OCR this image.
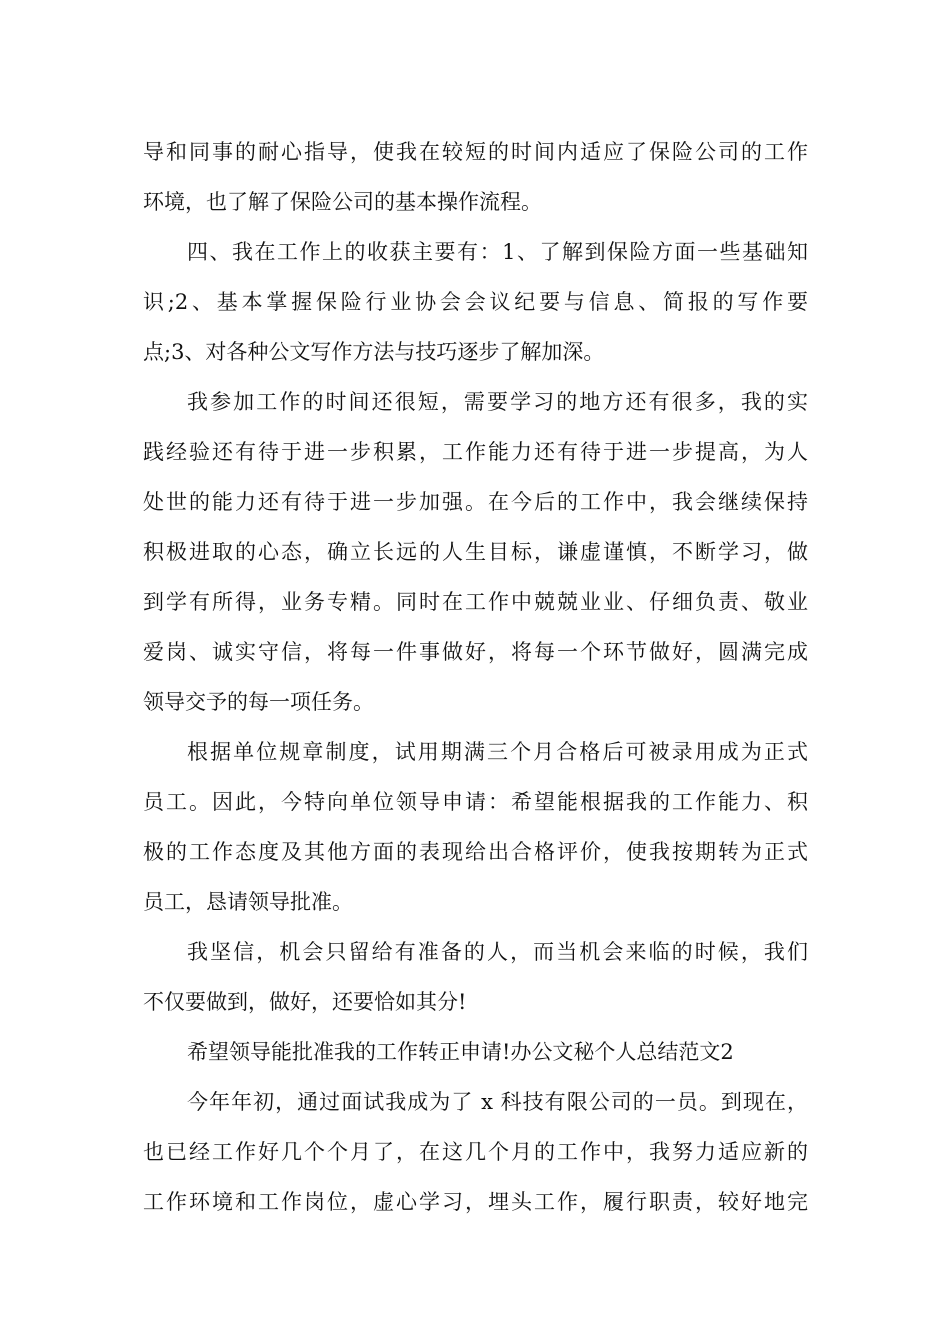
导和同事的耐心指导，使我在较短的时间内适应了保险公司的工作
环境，也了解了保险公司的基本操作流程。
四、我在工作上的收获主要有：1、了解到保险方面一些基础知
识;2、基本掌握保险行业协会会议纪要与信息、简报的写作要
点;3、对各种公文写作方法与技巧逐步了解加深。
我参加工作的时间还很短，需要学习的地方还有很多，我的实
践经验还有待于进一步积累，工作能力还有待于进一步提高，为人
处世的能力还有待于进一步加强。在今后的工作中，我会继续保持
积极进取的心态，确立长远的人生目标，谦虚谨慎，不断学习，做
到学有所得，业务专精。同时在工作中兢兢业业、仔细负责、敬业
爱岗、诚实守信，将每一件事做好，将每一个环节做好，圆满完成
领导交予的每一项任务。
根据单位规章制度，试用期满三个月合格后可被录用成为正式
员工。因此，今特向单位领导申请：希望能根据我的工作能力、积
极的工作态度及其他方面的表现给出合格评价，使我按期转为正式
员工，恳请领导批准。
我坚信，机会只留给有准备的人，而当机会来临的时候，我们
不仅要做到，做好，还要恰如其分!
希望领导能批准我的工作转正申请!办公文秘个人总结范文2
今年年初，通过面试我成为了 x 科技有限公司的一员。到现在，
也已经工作好几个个月了，在这几个月的工作中，我努力适应新的
工作环境和工作岗位，虚心学习，埋头工作，履行职责，较好地完
